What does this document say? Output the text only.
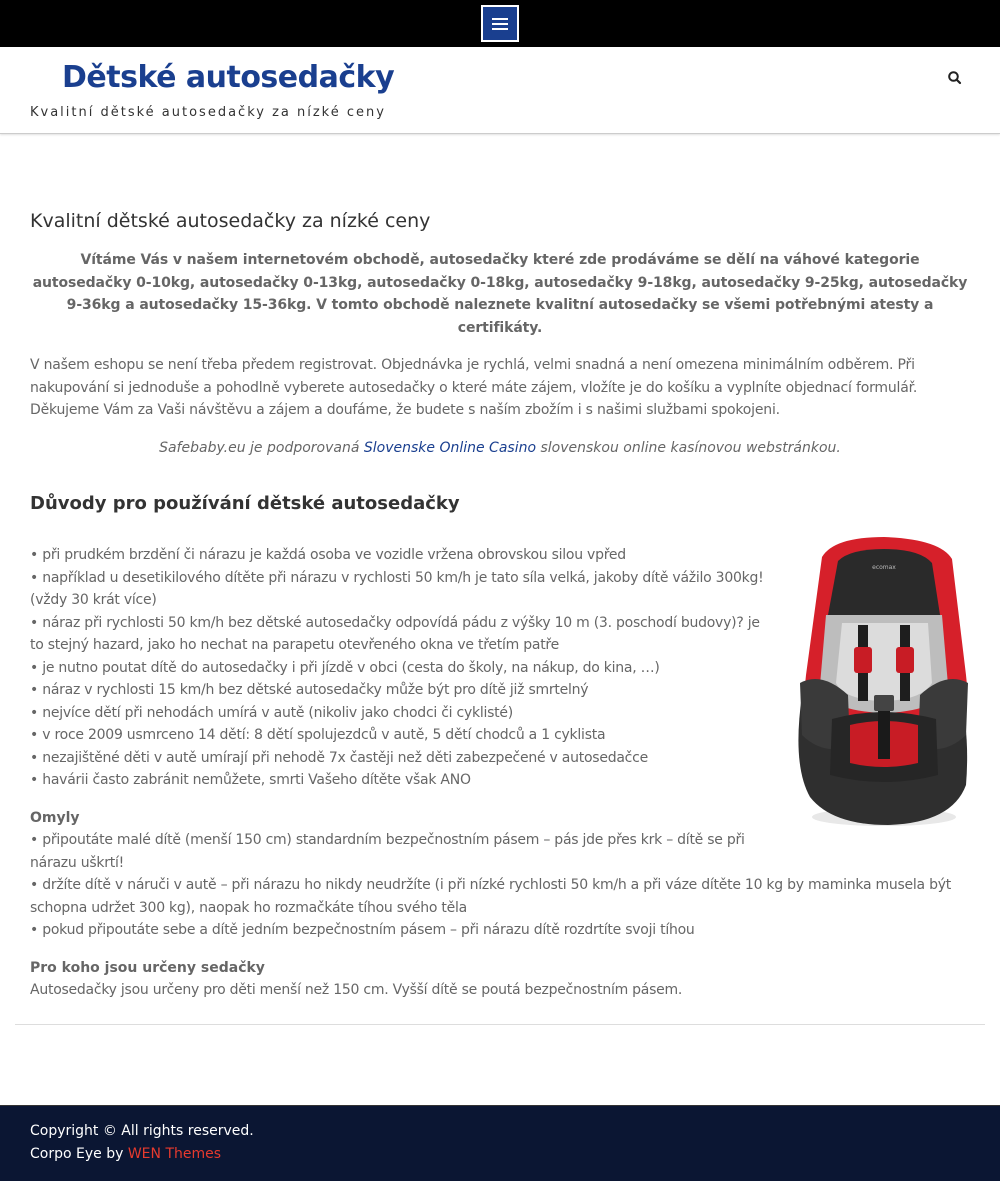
Dětské autosedačky
Kvalitní dětské autosedačky za nízké ceny
Kvalitní dětské autosedačky za nízké ceny

Vítáme Vás v našem internetovém obchodě, autosedačky které zde prodáváme se dělí na váhové kategorie autosedačky 0-10kg, autosedačky 0-13kg, autosedačky 0-18kg, autosedačky 9-18kg, autosedačky 9-25kg, autosedačky 9-36kg a autosedačky 15-36kg. V tomto obchodě naleznete kvalitní autosedačky se všemi potřebnými atesty a certifikáty.

V našem eshopu se není třeba předem registrovat. Objednávka je rychlá, velmi snadná a není omezena minimálním odběrem. Při nakupování si jednoduše a pohodlně vyberete autosedačky o které máte zájem, vložíte je do košíku a vyplníte objednací formulář. Děkujeme Vám za Vaši návštěvu a zájem a doufáme, že budete s naším zbožím i s našimi službami spokojeni.

Safebaby.eu je podporovaná Slovenske Online Casino slovenskou online kasínovou webstránkou.

Důvody pro používání dětské autosedačky
ecomax
• při prudkém brzdění či nárazu je každá osoba ve vozidle vržena obrovskou silou vpřed
• například u desetikilového dítěte při nárazu v rychlosti 50 km/h je tato síla velká, jakoby dítě vážilo 300kg! (vždy 30 krát více)
• náraz při rychlosti 50 km/h bez dětské autosedačky odpovídá pádu z výšky 10 m (3. poschodí budovy)? je to stejný hazard, jako ho nechat na parapetu otevřeného okna ve třetím patře
• je nutno poutat dítě do autosedačky i při jízdě v obci (cesta do školy, na nákup, do kina, …)
• náraz v rychlosti 15 km/h bez dětské autosedačky může být pro dítě již smrtelný
• nejvíce dětí při nehodách umírá v autě (nikoliv jako chodci či cyklisté)
• v roce 2009 usmrceno 14 dětí: 8 dětí spolujezdců v autě, 5 dětí chodců a 1 cyklista
• nezajištěné děti v autě umírají při nehodě 7x častěji než děti zabezpečené v autosedačce
• havárii často zabránit nemůžete, smrti Vašeho dítěte však ANO
Omyly
• připoutáte malé dítě (menší 150 cm) standardním bezpečnostním pásem – pás jde přes krk – dítě se při nárazu uškrtí!
• držíte dítě v náruči v autě – při nárazu ho nikdy neudržíte (i při nízké rychlosti 50 km/h a při váze dítěte 10 kg by maminka musela být schopna udržet 300 kg), naopak ho rozmačkáte tíhou svého těla
• pokud připoutáte sebe a dítě jedním bezpečnostním pásem – při nárazu dítě rozdrtíte svoji tíhou
Pro koho jsou určeny sedačky
Autosedačky jsou určeny pro děti menší než 150 cm. Vyšší dítě se poutá bezpečnostním pásem.
Copyright © All rights reserved.
Corpo Eye by WEN Themes
